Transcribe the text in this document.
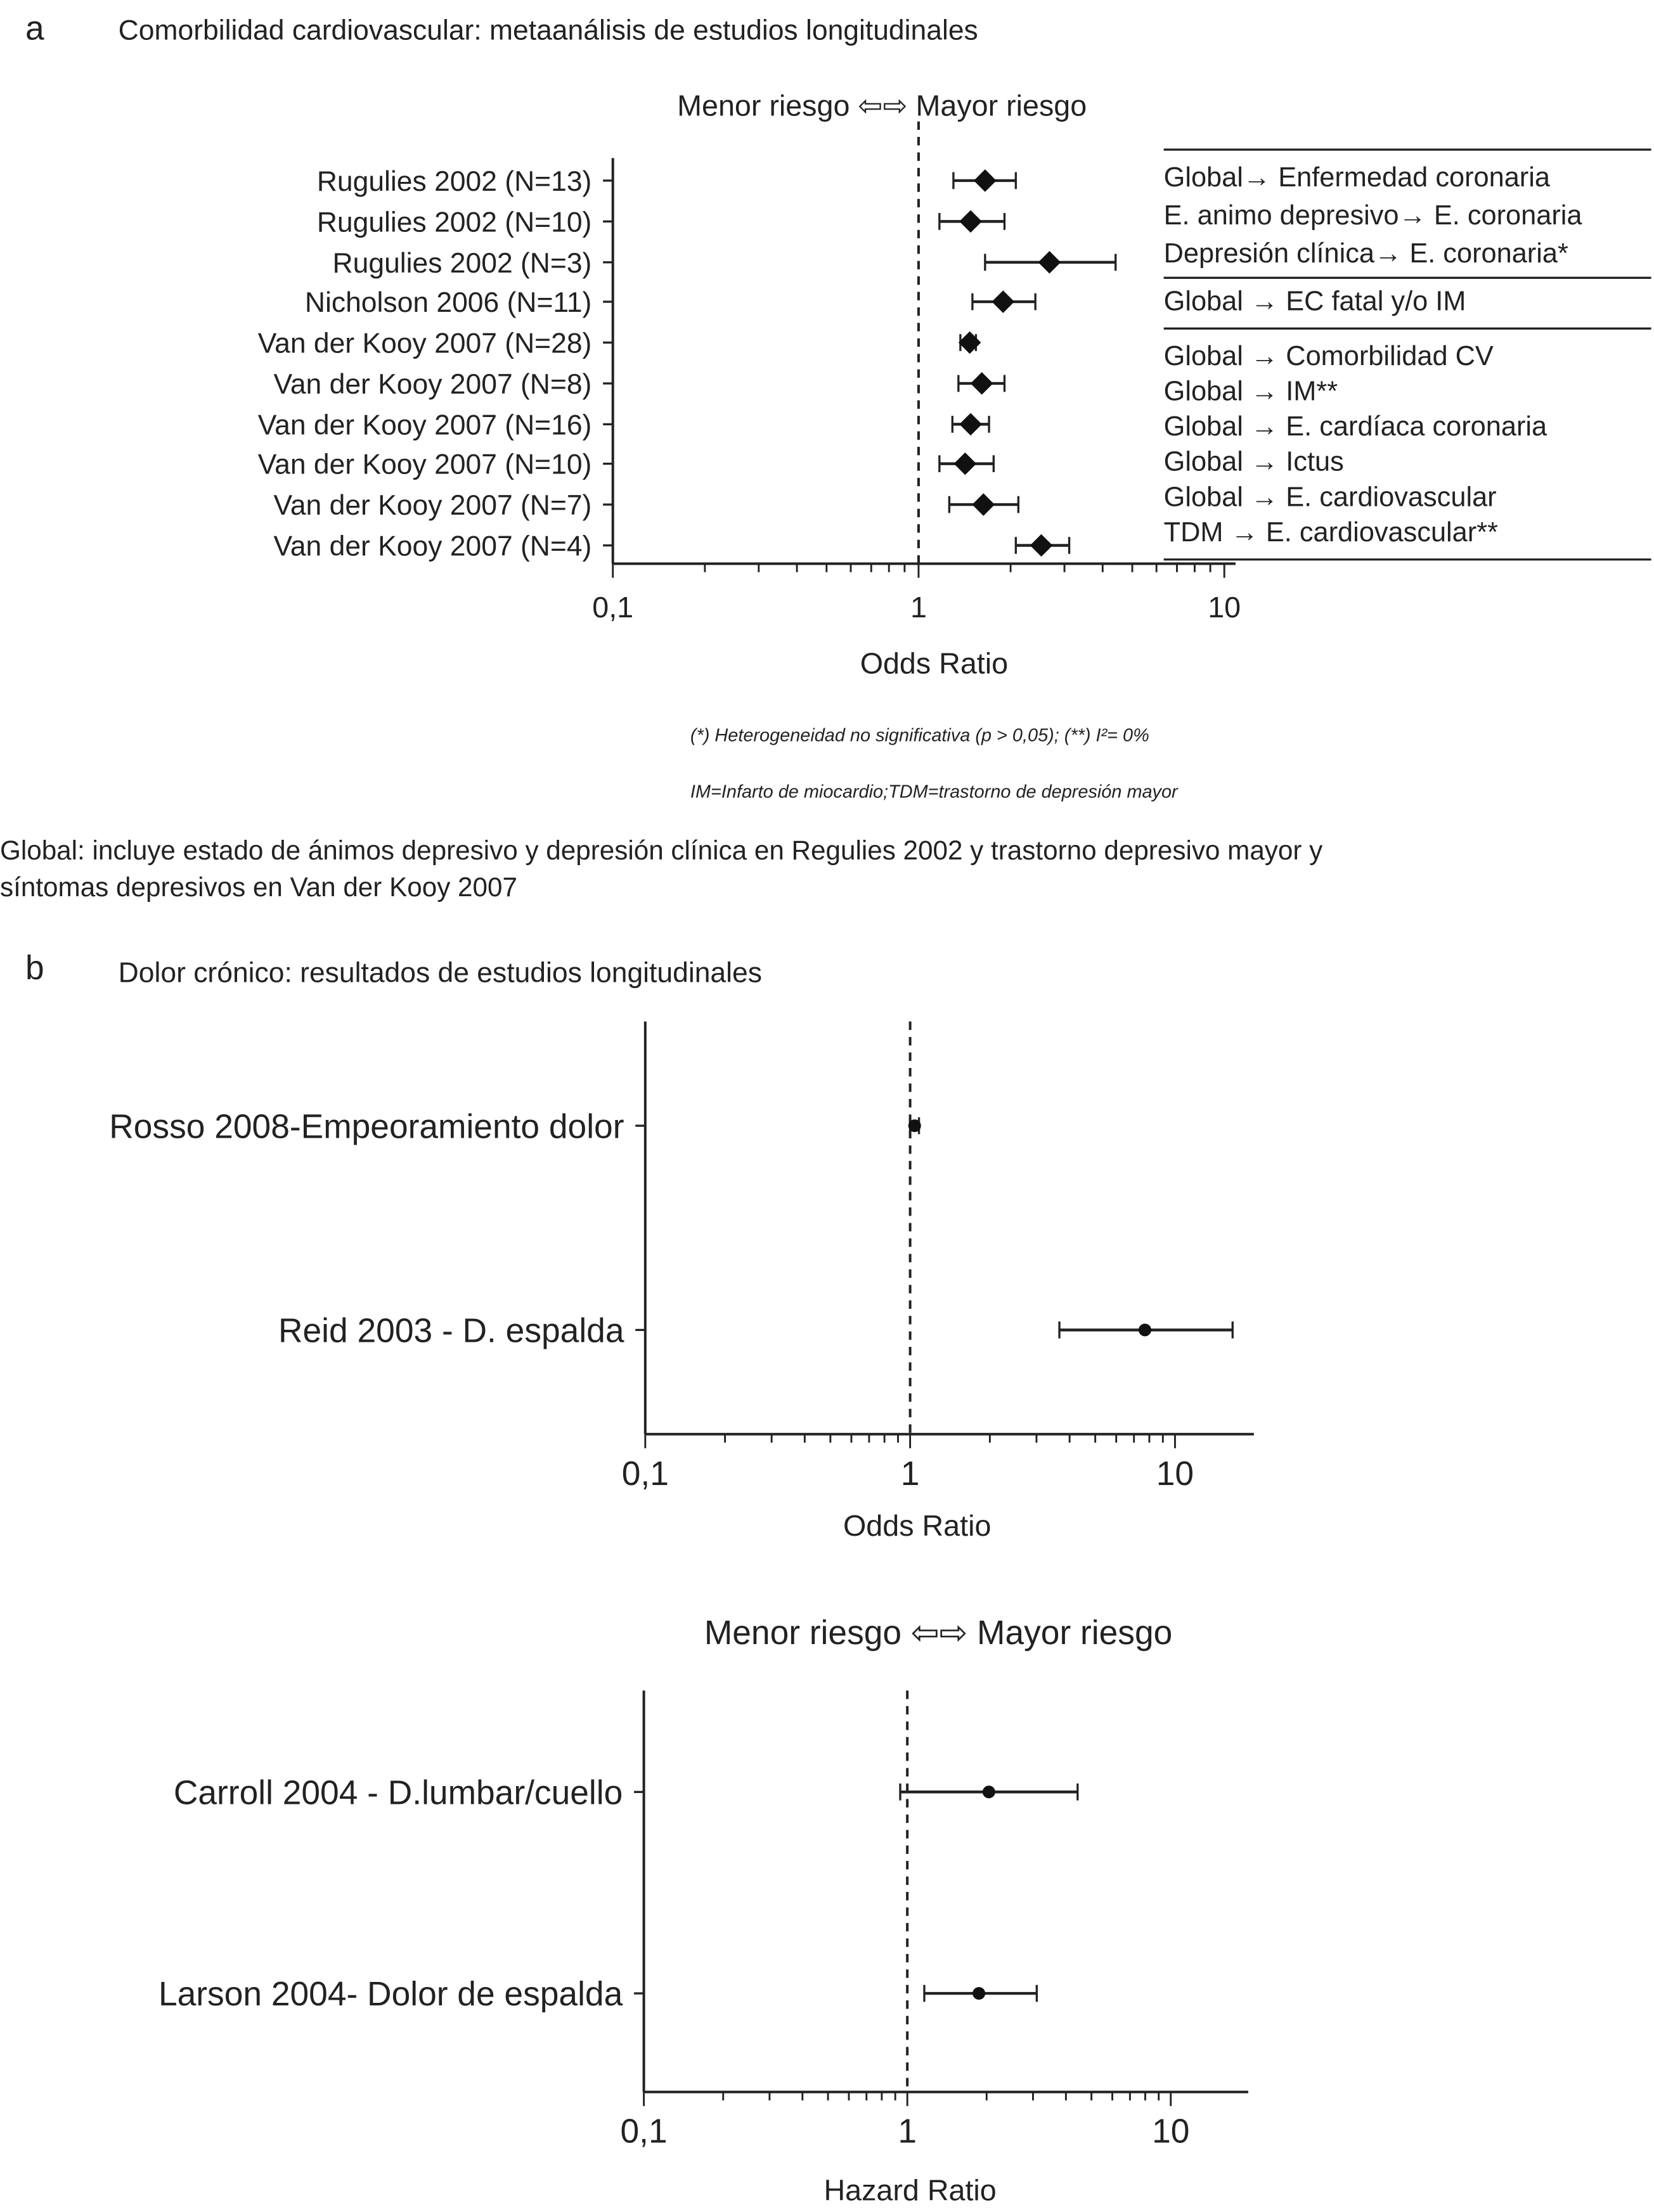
a	Comorbilidad cardiovascular: metaanálisis de estudios longitudinales
Menor riesgo ⇦⇨ Mayor riesgo
Odds Ratio
(*) Heterogeneidad no significativa (p > 0,05); (**) I²= 0%
IM=Infarto de miocardio;TDM=trastorno de depresión mayor
Global: incluye estado de ánimos depresivo y depresión clínica en Regulies 2002 y trastorno depresivo mayor y
síntomas depresivos en Van der Kooy 2007
Global→ Enfermedad coronaria
E. animo depresivo→ E. coronaria
Depresión clínica→ E. coronaria*
Global → EC fatal y/o IM
Global → Comorbilidad CV
Global → IM**
Global → E. cardíaca coronaria
Global → Ictus
Global → E. cardiovascular
TDM → E. cardiovascular**
b	Dolor crónico: resultados de estudios longitudinales
Odds Ratio
Menor riesgo ⇦⇨ Mayor riesgo
Hazard Ratio
0,1	1	10
Rugulies 2002 (N=13)
Rugulies 2002 (N=10)
Rugulies 2002 (N=3)
Nicholson 2006 (N=11)
Van der Kooy 2007 (N=28)
Van der Kooy 2007 (N=8)
Van der Kooy 2007 (N=16)
Van der Kooy 2007 (N=10)
Van der Kooy 2007 (N=7)
Van der Kooy 2007 (N=4)
0,1	1	10
Rosso 2008-Empeoramiento dolor
Reid 2003 - D. espalda
0,1	1	10
Carroll 2004 - D.lumbar/cuello
Larson 2004- Dolor de espalda
